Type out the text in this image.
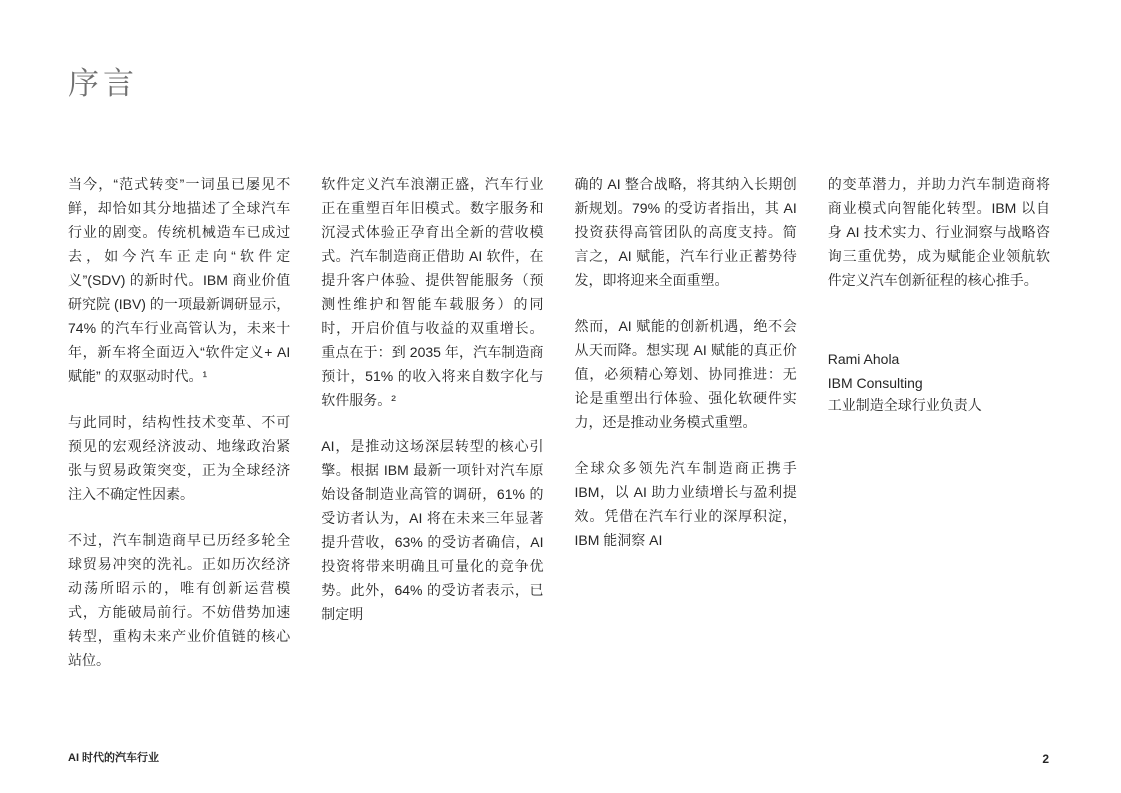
序言

当今，“范式转变”一词虽已屡见不鲜，却恰如其分地描述了全球汽车行业的剧变。传统机械造车已成过去，如今汽车正走向“软件定义”(SDV) 的新时代。IBM 商业价值研究院 (IBV) 的一项最新调研显示，74% 的汽车行业高管认为，未来十年，新车将全面迈入“软件定义+ AI 赋能” 的双驱动时代。¹

与此同时，结构性技术变革、不可预见的宏观经济波动、地缘政治紧张与贸易政策突变，正为全球经济注入不确定性因素。

不过，汽车制造商早已历经多轮全球贸易冲突的洗礼。正如历次经济动荡所昭示的，唯有创新运营模式，方能破局前行。不妨借势加速转型，重构未来产业价值链的核心站位。

软件定义汽车浪潮正盛，汽车行业正在重塑百年旧模式。数字服务和沉浸式体验正孕育出全新的营收模式。汽车制造商正借助 AI 软件，在提升客户体验、提供智能服务（预测性维护和智能车载服务）的同时，开启价值与收益的双重增长。重点在于：到 2035 年，汽车制造商预计，51% 的收入将来自数字化与软件服务。²

AI，是推动这场深层转型的核心引擎。根据 IBM 最新一项针对汽车原始设备制造业高管的调研，61% 的受访者认为，AI 将在未来三年显著提升营收，63% 的受访者确信，AI 投资将带来明确且可量化的竞争优势。此外，64% 的受访者表示，已制定明

确的 AI 整合战略，将其纳入长期创新规划。79% 的受访者指出，其 AI 投资获得高管团队的高度支持。简言之，AI 赋能，汽车行业正蓄势待发，即将迎来全面重塑。

然而，AI 赋能的创新机遇，绝不会从天而降。想实现 AI 赋能的真正价值，必须精心筹划、协同推进：无论是重塑出行体验、强化软硬件实力，还是推动业务模式重塑。

全球众多领先汽车制造商正携手 IBM，以 AI 助力业绩增长与盈利提效。凭借在汽车行业的深厚积淀，IBM 能洞察 AI

的变革潜力，并助力汽车制造商将商业模式向智能化转型。IBM 以自身 AI 技术实力、行业洞察与战略咨询三重优势，成为赋能企业领航软件定义汽车创新征程的核心推手。

Rami Ahola
IBM Consulting
工业制造全球行业负责人
AI 时代的汽车行业	2
